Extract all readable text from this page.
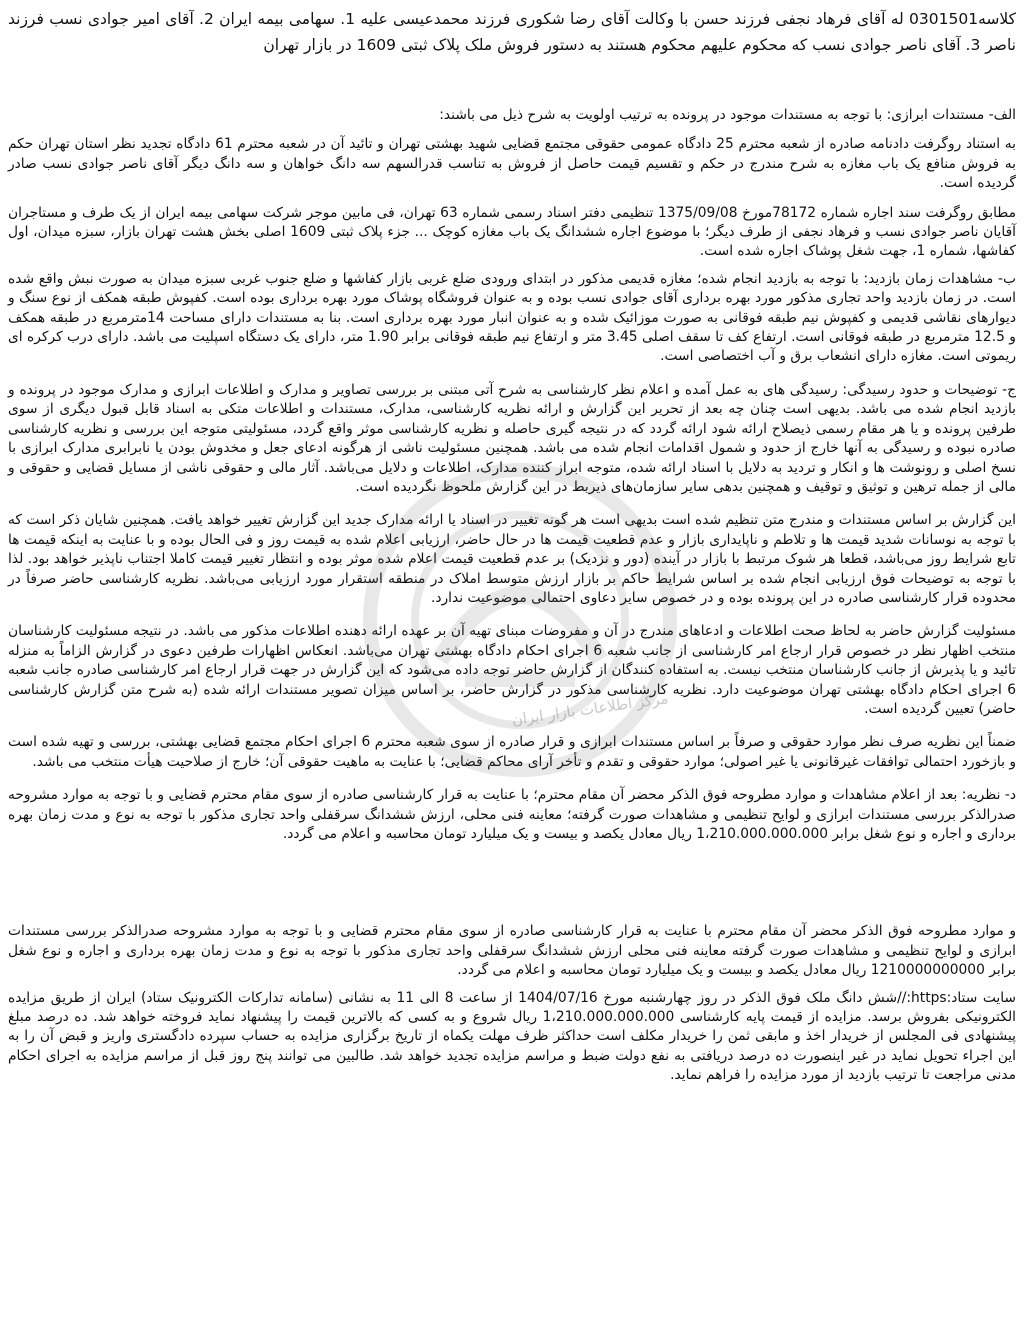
مرکز اطلاعات بازار ایران
کلاسه0301501 له آقای فرهاد نجفی فرزند حسن با وکالت آقای رضا شکوری فرزند محمدعیسی علیه 1. سهامی بیمه ایران 2. آقای امیر جوادی نسب فرزند ناصر 3. آقای ناصر جوادی نسب که محکوم علیهم محکوم هستند به دستور فروش ملک پلاک ثبتی 1609 در بازار تهران

الف- مستندات ابرازی: با توجه به مستندات موجود در پرونده به ترتیب اولویت به شرح ذیل می باشند:

به استناد روگرفت دادنامه صادره از شعبه محترم 25 دادگاه عمومی حقوقی مجتمع قضایی شهید بهشتی تهران و تائید آن در شعبه محترم 61 دادگاه تجدید نظر استان تهران حکم به فروش منافع یک باب مغازه به شرح مندرج در حکم و تقسیم قیمت حاصل از فروش به تناسب قدرالسهم سه دانگ خواهان و سه دانگ دیگر آقای ناصر جوادی نسب صادر گردیده است.

مطابق روگرفت سند اجاره شماره 78172مورخ 1375/09/08 تنظیمی دفتر اسناد رسمی شماره 63 تهران، فی مابین موجر شرکت سهامی بیمه ایران از یک طرف و مستاجران آقایان ناصر جوادی نسب و فرهاد نجفی از طرف دیگر؛ با موضوع اجاره ششدانگ یک باب مغازه کوچک ... جزء پلاک ثبتی 1609 اصلی بخش هشت تهران بازار، سبزه میدان، اول کفاشها، شماره 1، جهت شغل پوشاک اجاره شده است.

ب- مشاهدات زمان بازدید: با توجه به بازدید انجام شده؛ مغازه قدیمی مذکور در ابتدای ورودی ضلع غربی بازار کفاشها و ضلع جنوب غربی سبزه میدان به صورت نبش واقع شده است. در زمان بازدید واحد تجاری مذکور مورد بهره برداری آقای جوادی نسب بوده و به عنوان فروشگاه پوشاک مورد بهره برداری بوده است. کفپوش طبقه همکف از نوع سنگ و دیوارهای نقاشی قدیمی و کفپوش نیم طبقه فوقانی به صورت موزائیک شده و به عنوان انبار مورد بهره برداری است. بنا به مستندات دارای مساحت 14مترمربع در طبقه همکف و 12.5 مترمربع در طبقه فوقانی است. ارتفاع کف تا سقف اصلی 3.45 متر و ارتفاع نیم طبقه فوقانی برابر 1.90 متر، دارای یک دستگاه اسپلیت می باشد. دارای درب کرکره ای ریموتی است. مغازه دارای انشعاب برق و آب اختصاصی است.

ج- توضیحات و حدود رسیدگی: رسیدگی های به عمل آمده و اعلام نظر کارشناسی به شرح آتی مبتنی بر بررسی تصاویر و مدارک و اطلاعات ابرازی و مدارک موجود در پرونده و بازدید انجام شده می باشد. بدیهی است چنان چه بعد از تحریر این گزارش و ارائه نظریه کارشناسی، مدارک، مستندات و اطلاعات متکی به اسناد قابل قبول دیگری از سوی طرفین پرونده و یا هر مقام رسمی ذیصلاح ارائه شود ارائه گردد که در نتیجه گیری حاصله و نظریه کارشناسی موثر واقع گردد، مسئولیتی متوجه این بررسی و نظریه کارشناسی صادره نبوده و رسیدگی به آنها خارج از حدود و شمول اقدامات انجام شده می باشد. همچنین مسئولیت ناشی از هرگونه ادعای جعل و مخدوش بودن یا نابرابری مدارک ابرازی با نسخ اصلی و رونوشت ها و انکار و تردید به دلایل با اسناد ارائه شده، متوجه ابراز کننده مدارک، اطلاعات و دلایل می‌باشد. آثار مالی و حقوقی ناشی از مسایل قضایی و حقوقی و مالی از جمله ترهین و توثیق و توقیف و همچنین بدهی سایر سازمان‌های ذیربط در این گزارش ملحوظ نگردیده است.

این گزارش بر اساس مستندات و مندرج متن تنظیم شده است بدیهی است هر گونه تغییر در اسناد یا ارائه مدارک جدید این گزارش تغییر خواهد یافت. همچنین شایان ذکر است که با توجه به نوسانات شدید قیمت ها و تلاطم و ناپایداری بازار و عدم قطعیت قیمت ها در حال حاضر، ارزیابی اعلام شده به قیمت روز و فی الحال بوده و با عنایت به اینکه قیمت ها تابع شرایط روز می‌باشد، قطعا هر شوک مرتبط با بازار در آینده (دور و نزدیک) بر عدم قطعیت قیمت اعلام شده موثر بوده و انتظار تغییر قیمت کاملا اجتناب ناپذیر خواهد بود. لذا با توجه به توضیحات فوق ارزیابی انجام شده بر اساس شرایط حاکم بر بازار ارزش متوسط املاک در منطقه استقرار مورد ارزیابی می‌باشد. نظریه کارشناسی حاضر صرفاً در محدوده قرار کارشناسی صادره در این پرونده بوده و در خصوص سایر دعاوی احتمالی موضوعیت ندارد.

مسئولیت گزارش حاضر به لحاظ صحت اطلاعات و ادعاهای مندرج در آن و مفروضات مبنای تهیه آن بر عهده ارائه دهنده اطلاعات مذکور می باشد. در نتیجه مسئولیت کارشناسان منتخب اظهار نظر در خصوص قرار ارجاع امر کارشناسی از جانب شعبه 6 اجرای احکام دادگاه بهشتی تهران می‌باشد. انعکاس اظهارات طرفین دعوی در گزارش الزاماً به منزله تائید و یا پذیرش از جانب کارشناسان منتخب نیست. به استفاده کنندگان از گزارش حاضر توجه داده می‌شود که این گزارش در جهت قرار ارجاع امر کارشناسی صادره جانب شعبه 6 اجرای احکام دادگاه بهشتی تهران موضوعیت دارد. نظریه کارشناسی مذکور در گزارش حاضر، بر اساس میزان تصویر مستندات ارائه شده (به شرح متن گزارش کارشناسی حاضر) تعیین گردیده است.

ضمناً این نظریه صرف نظر موارد حقوقی و صرفاً بر اساس مستندات ابرازی و قرار صادره از سوی شعبه محترم 6 اجرای احکام مجتمع قضایی بهشتی، بررسی و تهیه شده است و بازخورد احتمالی توافقات غیرقانونی یا غیر اصولی؛ موارد حقوقی و تقدم و تأخر آرای محاکم قضایی؛ با عنایت به ماهیت حقوقی آن؛ خارج از صلاحیت هیأت منتخب می باشد.

د- نظریه: بعد از اعلام مشاهدات و موارد مطروحه فوق الذکر محضر آن مقام محترم؛ با عنایت به قرار کارشناسی صادره از سوی مقام محترم قضایی و با توجه به موارد مشروحه صدرالذکر بررسی مستندات ابرازی و لوایح تنظیمی و مشاهدات صورت گرفته؛ معاینه فنی محلی، ارزش ششدانگ سرقفلی واحد تجاری مذکور با توجه به نوع و مدت زمان بهره برداری و اجاره و نوع شغل برابر 1،210.000.000.000 ریال معادل یکصد و بیست و یک میلیارد تومان محاسبه و اعلام می گردد.

و موارد مطروحه فوق الذکر محضر آن مقام محترم با عنایت به قرار کارشناسی صادره از سوی مقام محترم قضایی و با توجه به موارد مشروحه صدرالذکر بررسی مستندات ابرازی و لوایح تنظیمی و مشاهدات صورت گرفته معاینه فنی محلی ارزش ششدانگ سرقفلی واحد تجاری مذکور با توجه به نوع و مدت زمان بهره برداری و اجاره و نوع شغل برابر 1210000000000 ریال معادل یکصد و بیست و یک میلیارد تومان محاسبه و اعلام می گردد.

سایت ستاد:https://شش دانگ ملک فوق الذکر در روز چهارشنبه مورخ 1404/07/16 از ساعت 8 الی 11 به نشانی (سامانه تدارکات الکترونیک ستاد) ایران از طریق مزایده الکترونیکی بفروش برسد. مزایده از قیمت پایه کارشناسی 1،210.000.000.000 ریال شروع و به کسی که بالاترین قیمت را پیشنهاد نماید فروخته خواهد شد. ده درصد مبلغ پیشنهادی فی المجلس از خریدار اخذ و مابقی ثمن را خریدار مکلف است حداکثر ظرف مهلت یکماه از تاریخ برگزاری مزایده به حساب سپرده دادگستری واریز و قبض آن را به این اجراء تحویل نماید در غیر اینصورت ده درصد دریافتی به نفع دولت ضبط و مراسم مزایده تجدید خواهد شد. طالبین می توانند پنج روز قبل از مراسم مزایده به اجرای احکام مدنی مراجعت تا ترتیب بازدید از مورد مزایده را فراهم نماید.
